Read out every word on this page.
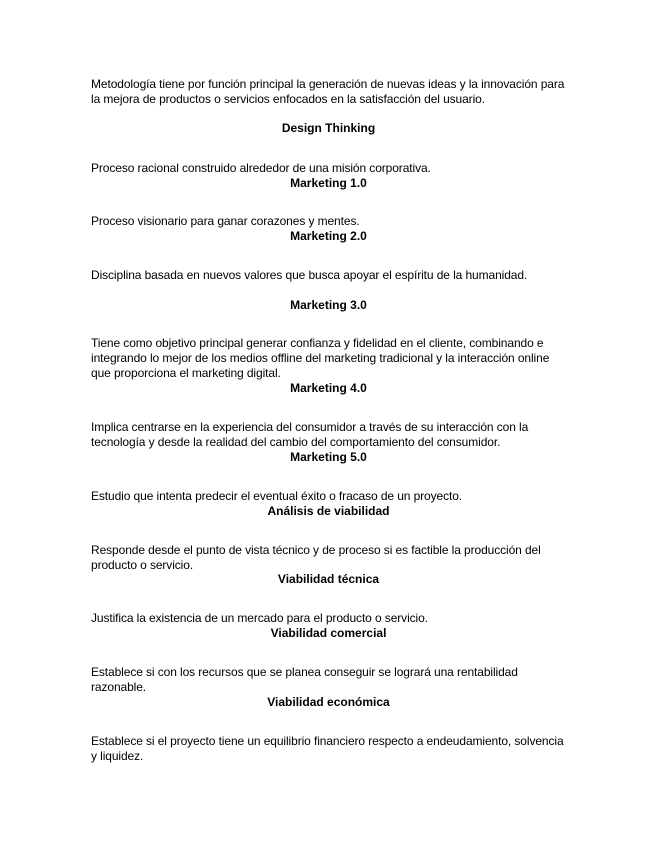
Metodología tiene por función principal la generación de nuevas ideas y la innovación para la mejora de productos o servicios enfocados en la satisfacción del usuario.

Design Thinking

Proceso racional construido alrededor de una misión corporativa.

Marketing 1.0

Proceso visionario para ganar corazones y mentes.

Marketing 2.0

Disciplina basada en nuevos valores que busca apoyar el espíritu de la humanidad.

Marketing 3.0

Tiene como objetivo principal generar confianza y fidelidad en el cliente, combinando e integrando lo mejor de los medios offline del marketing tradicional y la interacción online que proporciona el marketing digital.

Marketing 4.0

Implica centrarse en la experiencia del consumidor a través de su interacción con la tecnología y desde la realidad del cambio del comportamiento del consumidor.

Marketing 5.0

Estudio que intenta predecir el eventual éxito o fracaso de un proyecto.

Análisis de viabilidad

Responde desde el punto de vista técnico y de proceso si es factible la producción del producto o servicio.

Viabilidad técnica

Justifica la existencia de un mercado para el producto o servicio.

Viabilidad comercial

Establece si con los recursos que se planea conseguir se logrará una rentabilidad razonable.

Viabilidad económica

Establece si el proyecto tiene un equilibrio financiero respecto a endeudamiento, solvencia y liquidez.
